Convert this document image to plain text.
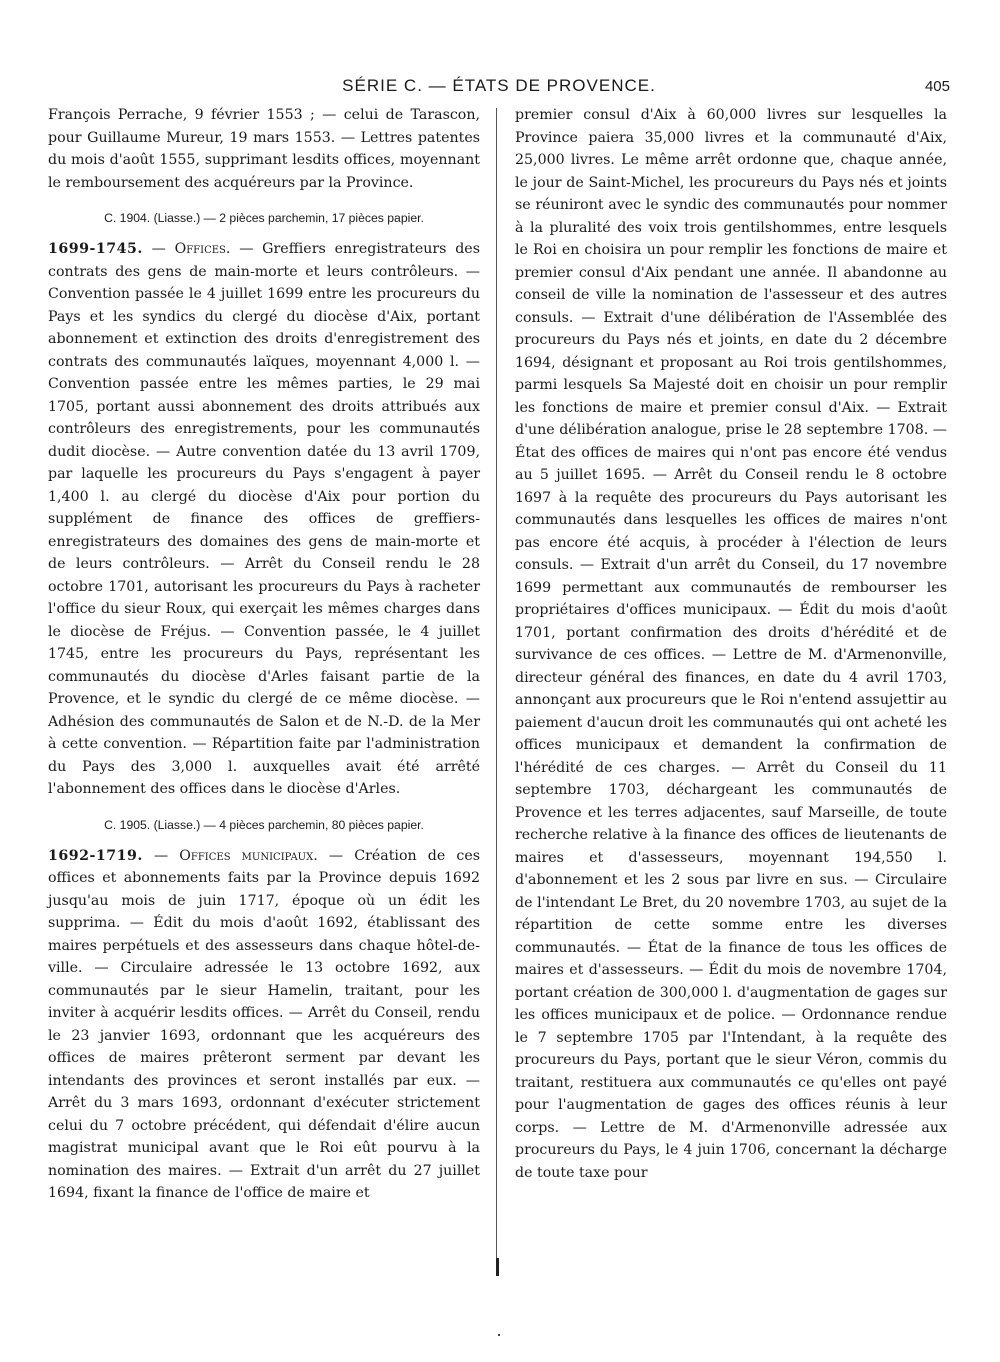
SÉRIE C. — ÉTATS DE PROVENCE.	405

François Perrache, 9 février 1553 ; — celui de Tarascon, pour Guillaume Mureur, 19 mars 1553. — Lettres patentes du mois d'août 1555, supprimant lesdits offices, moyennant le remboursement des acquéreurs par la Province.

C. 1904. (Liasse.) — 2 pièces parchemin, 17 pièces papier.

1699-1745. — Offices. — Greffiers enregistrateurs des contrats des gens de main-morte et leurs contrôleurs. — Convention passée le 4 juillet 1699 entre les procureurs du Pays et les syndics du clergé du diocèse d'Aix, portant abonnement et extinction des droits d'enregistrement des contrats des communautés laïques, moyennant 4,000 l. — Convention passée entre les mêmes parties, le 29 mai 1705, portant aussi abonnement des droits attribués aux contrôleurs des enregistrements, pour les communautés dudit diocèse. — Autre convention datée du 13 avril 1709, par laquelle les procureurs du Pays s'engagent à payer 1,400 l. au clergé du diocèse d'Aix pour portion du supplément de finance des offices de greffiers-enregistrateurs des domaines des gens de main-morte et de leurs contrôleurs. — Arrêt du Conseil rendu le 28 octobre 1701, autorisant les procureurs du Pays à racheter l'office du sieur Roux, qui exerçait les mêmes charges dans le diocèse de Fréjus. — Convention passée, le 4 juillet 1745, entre les procureurs du Pays, représentant les communautés du diocèse d'Arles faisant partie de la Provence, et le syndic du clergé de ce même diocèse. — Adhésion des communautés de Salon et de N.-D. de la Mer à cette convention. — Répartition faite par l'administration du Pays des 3,000 l. auxquelles avait été arrêté l'abonnement des offices dans le diocèse d'Arles.

C. 1905. (Liasse.) — 4 pièces parchemin, 80 pièces papier.

1692-1719. — Offices municipaux. — Création de ces offices et abonnements faits par la Province depuis 1692 jusqu'au mois de juin 1717, époque où un édit les supprima. — Édit du mois d'août 1692, établissant des maires perpétuels et des assesseurs dans chaque hôtel-de-ville. — Circulaire adressée le 13 octobre 1692, aux communautés par le sieur Hamelin, traitant, pour les inviter à acquérir lesdits offices. — Arrêt du Conseil, rendu le 23 janvier 1693, ordonnant que les acquéreurs des offices de maires prêteront serment par devant les intendants des provinces et seront installés par eux. — Arrêt du 3 mars 1693, ordonnant d'exécuter strictement celui du 7 octobre précédent, qui défendait d'élire aucun magistrat municipal avant que le Roi eût pourvu à la nomination des maires. — Extrait d'un arrêt du 27 juillet 1694, fixant la finance de l'office de maire et

premier consul d'Aix à 60,000 livres sur lesquelles la Province paiera 35,000 livres et la communauté d'Aix, 25,000 livres. Le même arrêt ordonne que, chaque année, le jour de Saint-Michel, les procureurs du Pays nés et joints se réuniront avec le syndic des communautés pour nommer à la pluralité des voix trois gentilshommes, entre lesquels le Roi en choisira un pour remplir les fonctions de maire et premier consul d'Aix pendant une année. Il abandonne au conseil de ville la nomination de l'assesseur et des autres consuls. — Extrait d'une délibération de l'Assemblée des procureurs du Pays nés et joints, en date du 2 décembre 1694, désignant et proposant au Roi trois gentilshommes, parmi lesquels Sa Majesté doit en choisir un pour remplir les fonctions de maire et premier consul d'Aix. — Extrait d'une délibération analogue, prise le 28 septembre 1708. — État des offices de maires qui n'ont pas encore été vendus au 5 juillet 1695. — Arrêt du Conseil rendu le 8 octobre 1697 à la requête des procureurs du Pays autorisant les communautés dans lesquelles les offices de maires n'ont pas encore été acquis, à procéder à l'élection de leurs consuls. — Extrait d'un arrêt du Conseil, du 17 novembre 1699 permettant aux communautés de rembourser les propriétaires d'offices municipaux. — Édit du mois d'août 1701, portant confirmation des droits d'hérédité et de survivance de ces offices. — Lettre de M. d'Armenonville, directeur général des finances, en date du 4 avril 1703, annonçant aux procureurs que le Roi n'entend assujettir au paiement d'aucun droit les communautés qui ont acheté les offices municipaux et demandent la confirmation de l'hérédité de ces charges. — Arrêt du Conseil du 11 septembre 1703, déchargeant les communautés de Provence et les terres adjacentes, sauf Marseille, de toute recherche relative à la finance des offices de lieutenants de maires et d'assesseurs, moyennant 194,550 l. d'abonnement et les 2 sous par livre en sus. — Circulaire de l'intendant Le Bret, du 20 novembre 1703, au sujet de la répartition de cette somme entre les diverses communautés. — État de la finance de tous les offices de maires et d'assesseurs. — Édit du mois de novembre 1704, portant création de 300,000 l. d'augmentation de gages sur les offices municipaux et de police. — Ordonnance rendue le 7 septembre 1705 par l'Intendant, à la requête des procureurs du Pays, portant que le sieur Véron, commis du traitant, restituera aux communautés ce qu'elles ont payé pour l'augmentation de gages des offices réunis à leur corps. — Lettre de M. d'Armenonville adressée aux procureurs du Pays, le 4 juin 1706, concernant la décharge de toute taxe pour
